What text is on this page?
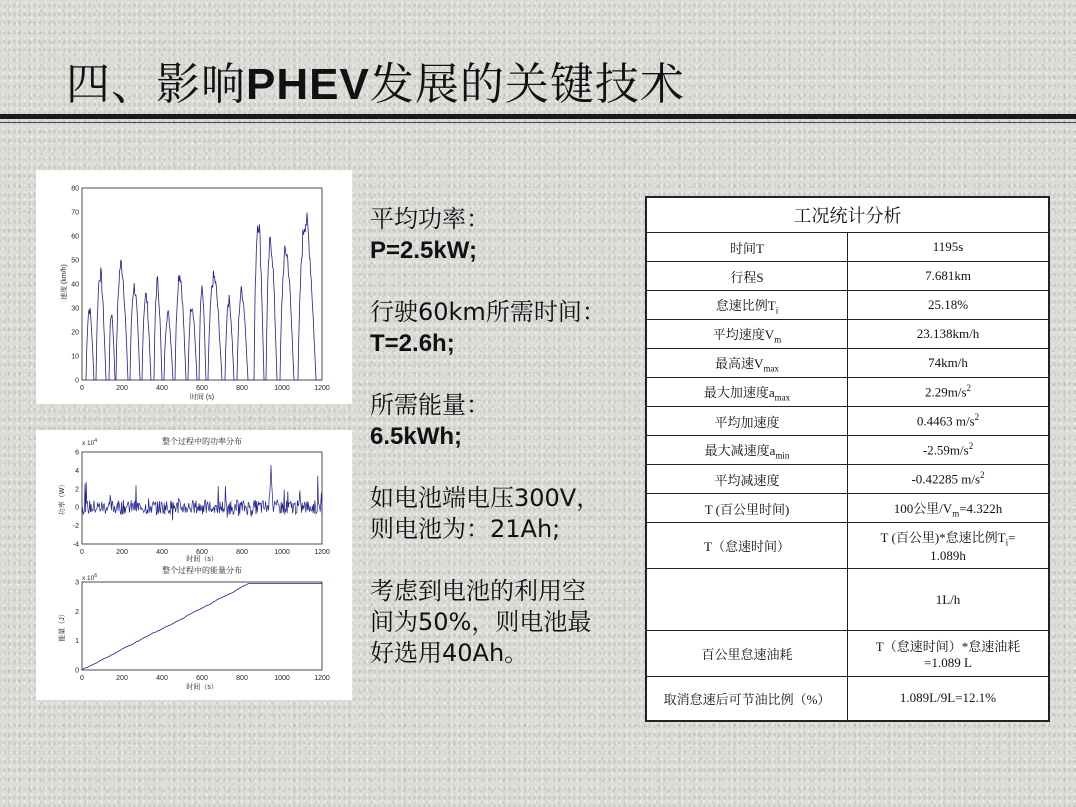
四、影响PHEV发展的关键技术
0
10
20
30
40
50
60
70
80
0	200	400	600	800	1000	1200
速度 (km/h)
时间 (s)
整个过程中的功率分布
x $10^4$
-4
-2
0
2
4
6
0	200	400	600	800	1000	1200
功率（W）
时间（s）
整个过程中的能量分布
x $10^6$
0
1
2
3
0	200	400	600	800	1000	1200
能量（J）
时间（s）
平均功率：
P=2.5kW;
行驶60km所需时间：
T=2.6h;
所需能量：
6.5kWh;
如电池端电压300V，
则电池为：21Ah;
考虑到电池的利用空
间为50%，则电池最
好选用40Ah。
工况统计分析	
时间T	1195s
行程S	7.681km
怠速比例$T_i$	25.18%
平均速度$V_m$	23.138km/h
最高速$V_{max}$	74km/h
最大加速度$a_{max}$	$2.29m/s^2$
平均加速度	0.4463 $m/s^2$
最大减速度$a_{min}$	$-2.59m/s^2$
平均减速度	-0.42285 $m/s^2$
T (百公里时间)	100公里$/V_m=4.322h$
T（怠速时间）	T (百公里)*怠速比例$T_i=$
1.089h
	1L/h
百公里怠速油耗	T（怠速时间）*怠速油耗
=1.089 L
取消怠速后可节油比例（%）	1.089L/9L=12.1%
